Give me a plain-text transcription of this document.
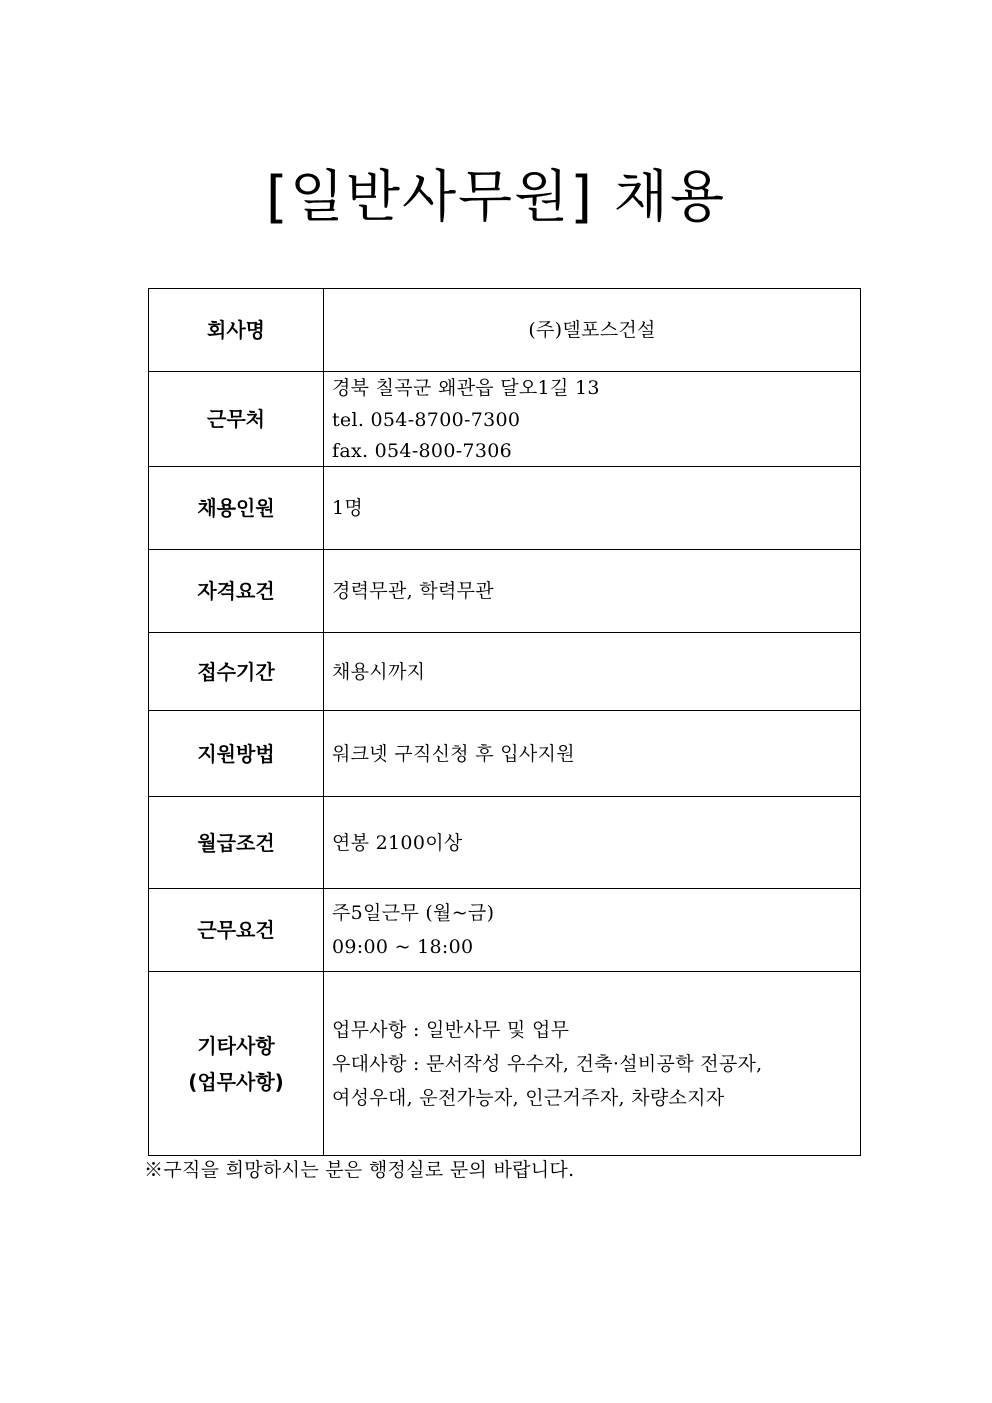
[일반사무원] 채용
회사명	(주)델포스건설

근무처	경북 칠곡군 왜관읍 달오1길 13
tel. 054-8700-7300
fax. 054-800-7306

채용인원	1명

자격요건	경력무관, 학력무관

접수기간	채용시까지

지원방법	워크넷 구직신청 후 입사지원

월급조건	연봉 2100이상

근무요건	주5일근무 (월~금)
09:00 ~ 18:00

기타사항
(업무사항)	업무사항 : 일반사무 및 업무
우대사항 : 문서작성 우수자, 건축·설비공학 전공자,
여성우대, 운전가능자, 인근거주자, 차량소지자
※구직을 희망하시는 분은 행정실로 문의 바랍니다.
